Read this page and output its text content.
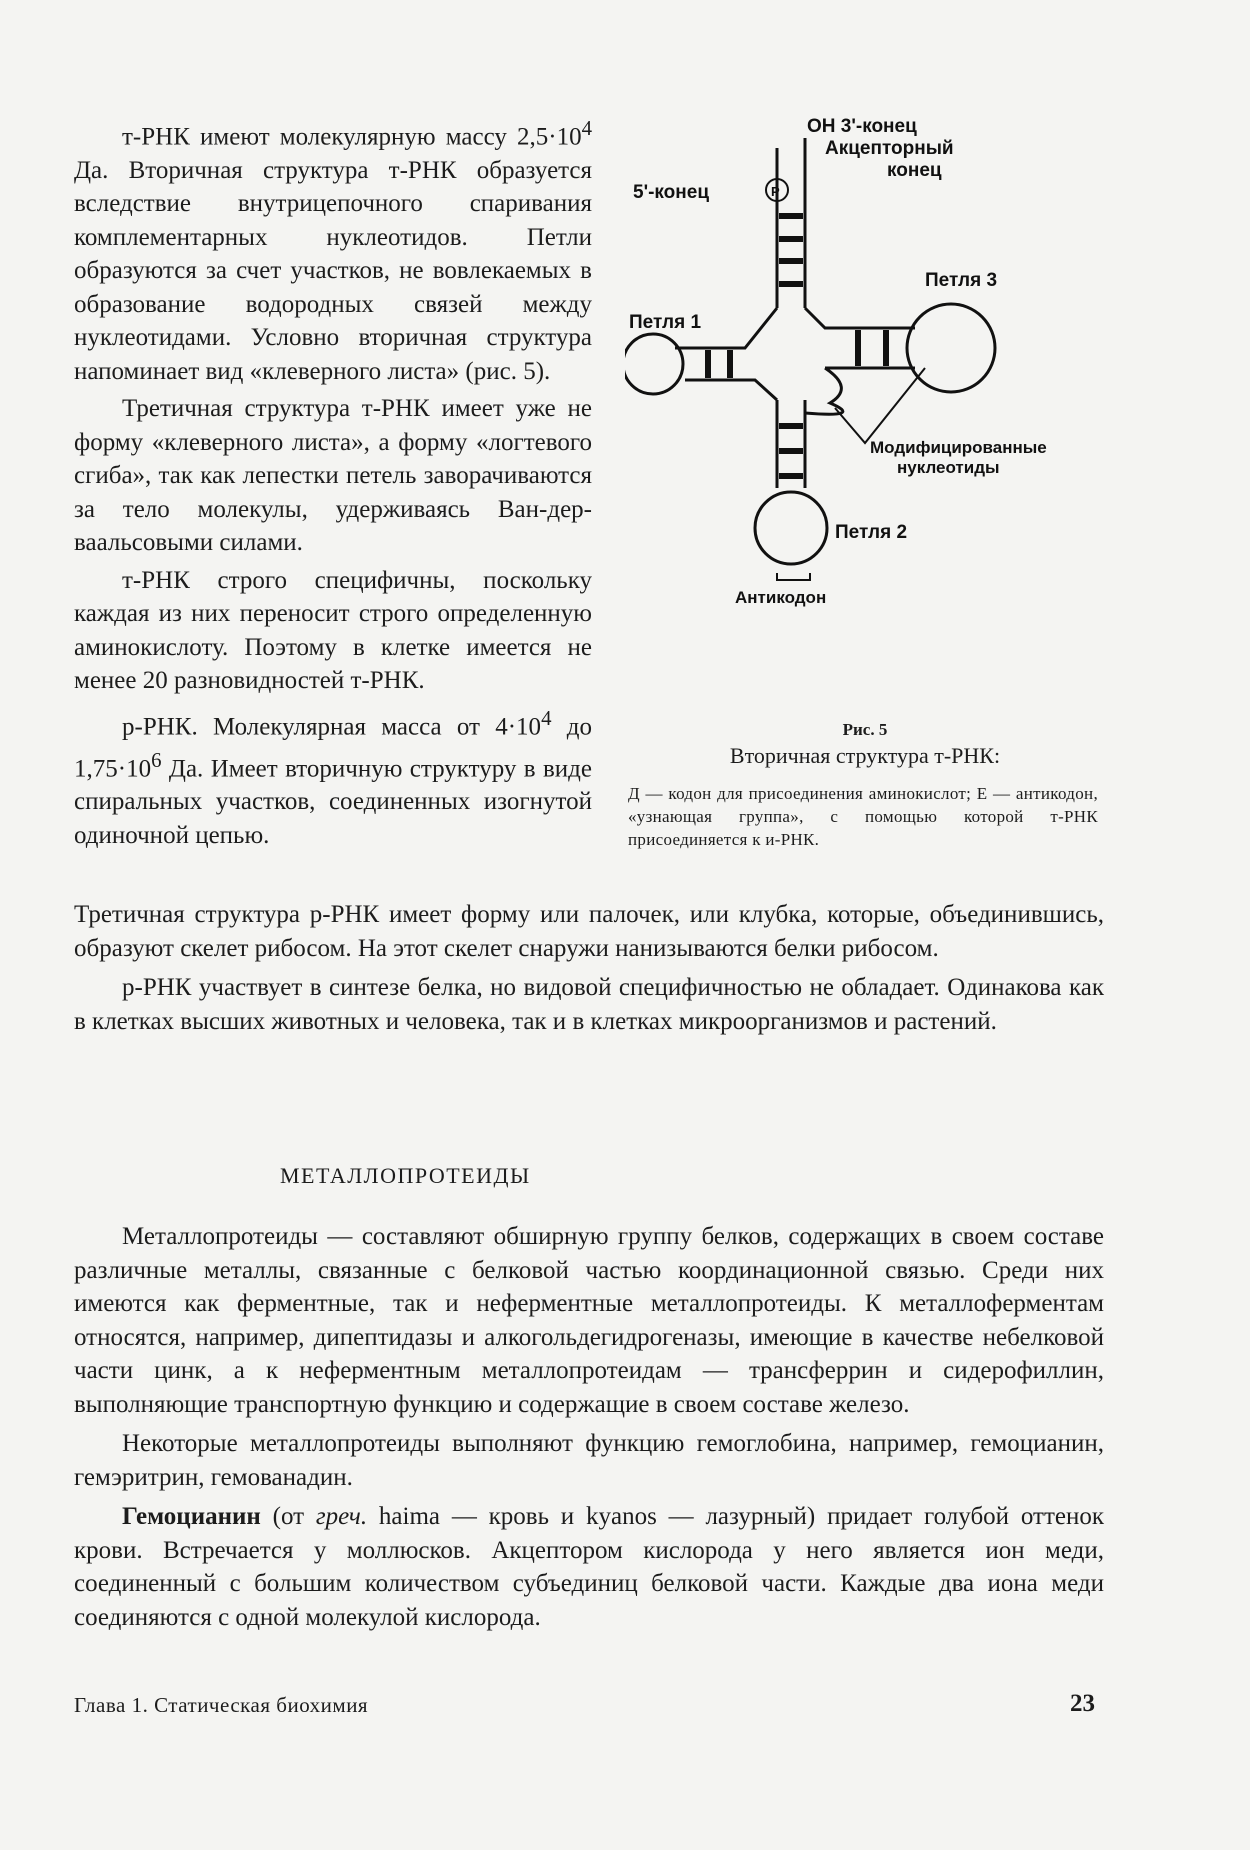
т-РНК имеют молекулярную массу $2,5\cdot 10^4$ Да. Вторичная структура т-РНК образуется вследствие внутрицепочного спаривания комплементарных нуклеотидов. Петли образуются за счет участков, не вовлекаемых в образование водородных связей между нуклеотидами. Условно вторичная структура напоминает вид «клеверного листа» (рис. 5).

Третичная структура т-РНК имеет уже не форму «клеверного листа», а форму «логтевого сгиба», так как лепестки петель заворачиваются за тело молекулы, удерживаясь Ван-дер-ваальсовыми силами.

т-РНК строго специфичны, поскольку каждая из них переносит строго определенную аминокислоту. Поэтому в клетке имеется не менее 20 разновидностей т-РНК.

р-РНК. Молекулярная масса от $4\cdot 10^4$ до $1,75\cdot 10^6$ Да. Имеет вторичную структуру в виде спиральных участков, соединенных изогнутой одиночной цепью.

ОН 3'-конец
Акцепторный
конец
5'-конец	Р
Петля 1
Петля 3
Петля 2
Модифицированные
нуклеотиды
Антикодон
Рис. 5
Вторичная структура т-РНК:
Д — кодон для присоединения аминокислот; Е — антикодон, «узнающая группа», с помощью которой т-РНК присоединяется к и-РНК.

Третичная структура р-РНК имеет форму или палочек, или клубка, которые, объединившись, образуют скелет рибосом. На этот скелет снаружи нанизываются белки рибосом.

р-РНК участвует в синтезе белка, но видовой специфичностью не обладает. Одинакова как в клетках высших животных и человека, так и в клетках микроорганизмов и растений.

МЕТАЛЛОПРОТЕИДЫ

Металлопротеиды — составляют обширную группу белков, содержащих в своем составе различные металлы, связанные с белковой частью координационной связью. Среди них имеются как ферментные, так и неферментные металлопротеиды. К металлоферментам относятся, например, дипептидазы и алкогольдегидрогеназы, имеющие в качестве небелковой части цинк, а к неферментным металлопротеидам — трансферрин и сидерофиллин, выполняющие транспортную функцию и содержащие в своем составе железо.

Некоторые металлопротеиды выполняют функцию гемоглобина, например, гемоцианин, гемэритрин, гемованадин.

Гемоцианин (от греч. haima — кровь и kyanos — лазурный) придает голубой оттенок крови. Встречается у моллюсков. Акцептором кислорода у него является ион меди, соединенный с большим количеством субъединиц белковой части. Каждые два иона меди соединяются с одной молекулой кислорода.

Глава 1. Статическая биохимия	23
